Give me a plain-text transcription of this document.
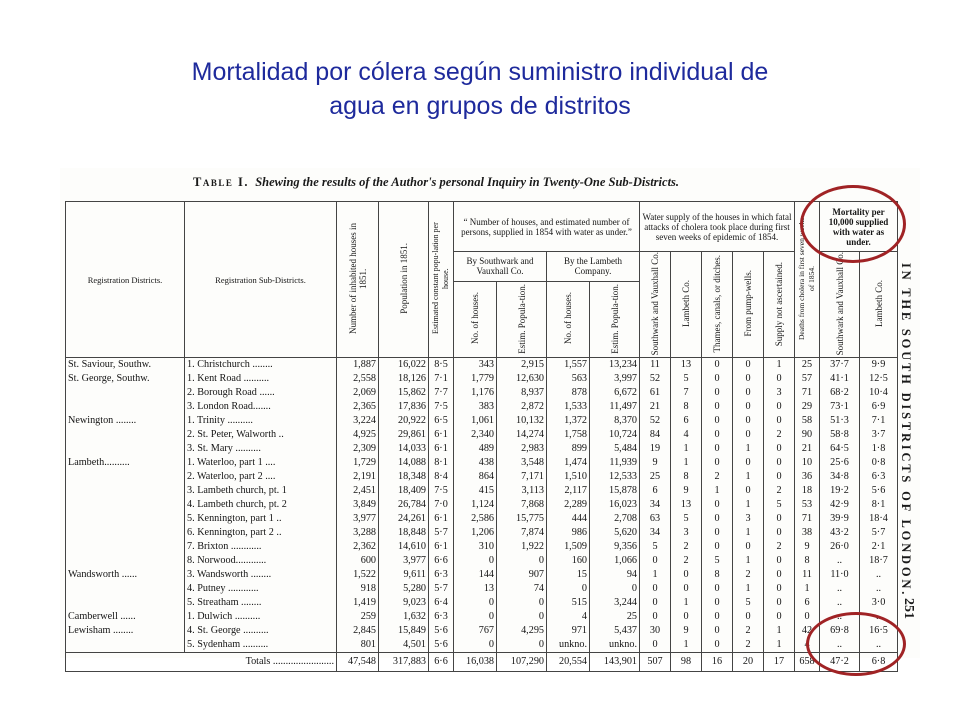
Mortalidad por cólera según suministro individual de
agua en grupos de distritos
Table I. Shewing the results of the Author's personal Inquiry in Twenty-One Sub-Districts.
Registration Districts.	Registration Sub-Districts.	Number of inhabited houses in 1851.	Population in 1851.	Estimated constant popu-lation per house.	“ Number of houses, and estimated number of persons, supplied in 1854 with water as under.”				Water supply of the houses in which fatal attacks of cholera took place during first seven weeks of epidemic of 1854.					Deaths from cholera in first seven weeks of 1854.	Mortality per 10,000 supplied with water as under.	
					By Southwark and Vauxhall Co.		By the Lambeth Company.		Southwark and Vauxhall Co.	Lambeth Co.	Thames, canals, or ditches.	From pump-wells.	Supply not ascertained.		Southwark and Vauxhall Co.	Lambeth Co.
					No. of houses.	Estim. Popula-tion.	No. of houses.	Estim. Popula-tion.								
St. Saviour, Southw.	1. Christchurch ........	1,887	16,022	8·5	343	2,915	1,557	13,234	11	13	0	0	1	25	37·7	9·9
St. George, Southw.	1. Kent Road ..........	2,558	18,126	7·1	1,779	12,630	563	3,997	52	5	0	0	0	57	41·1	12·5
	2. Borough Road ......	2,069	15,862	7·7	1,176	8,937	878	6,672	61	7	0	0	3	71	68·2	10·4
	3. London Road.......	2,365	17,836	7·5	383	2,872	1,533	11,497	21	8	0	0	0	29	73·1	6·9
Newington ........	1. Trinity ..........	3,224	20,922	6·5	1,061	10,132	1,372	8,370	52	6	0	0	0	58	51·3	7·1
	2. St. Peter, Walworth ..	4,925	29,861	6·1	2,340	14,274	1,758	10,724	84	4	0	0	2	90	58·8	3·7
	3. St. Mary ..........	2,309	14,033	6·1	489	2,983	899	5,484	19	1	0	1	0	21	64·5	1·8
Lambeth..........	1. Waterloo, part 1 ....	1,729	14,088	8·1	438	3,548	1,474	11,939	9	1	0	0	0	10	25·6	0·8
	2. Waterloo, part 2 ....	2,191	18,348	8·4	864	7,171	1,510	12,533	25	8	2	1	0	36	34·8	6·3
	3. Lambeth church, pt. 1	2,451	18,409	7·5	415	3,113	2,117	15,878	6	9	1	0	2	18	19·2	5·6
	4. Lambeth church, pt. 2	3,849	26,784	7·0	1,124	7,868	2,289	16,023	34	13	0	1	5	53	42·9	8·1
	5. Kennington, part 1 ..	3,977	24,261	6·1	2,586	15,775	444	2,708	63	5	0	3	0	71	39·9	18·4
	6. Kennington, part 2 ..	3,288	18,848	5·7	1,206	7,874	986	5,620	34	3	0	1	0	38	43·2	5·7
	7. Brixton ............	2,362	14,610	6·1	310	1,922	1,509	9,356	5	2	0	0	2	9	26·0	2·1
	8. Norwood............	600	3,977	6·6	0	0	160	1,066	0	2	5	1	0	8	..	18·7
Wandsworth ......	3. Wandsworth ........	1,522	9,611	6·3	144	907	15	94	1	0	8	2	0	11	11·0	..
	4. Putney ............	918	5,280	5·7	13	74	0	0	0	0	0	1	0	1	..	..
	5. Streatham ........	1,419	9,023	6·4	0	0	515	3,244	0	1	0	5	0	6	..	3·0
Camberwell ......	1. Dulwich ..........	259	1,632	6·3	0	0	4	25	0	0	0	0	0	0	..	..
Lewisham ........	4. St. George ..........	2,845	15,849	5·6	767	4,295	971	5,437	30	9	0	2	1	42	69·8	16·5
	5. Sydenham ..........	801	4,501	5·6	0	0	unkno.	unkno.	0	1	0	2	1	4	..	..
Totals ........................		47,548	317,883	6·6	16,038	107,290	20,554	143,901	507	98	16	20	17	658	47·2	6·8
IN THE SOUTH DISTRICTS OF LONDON.
251
